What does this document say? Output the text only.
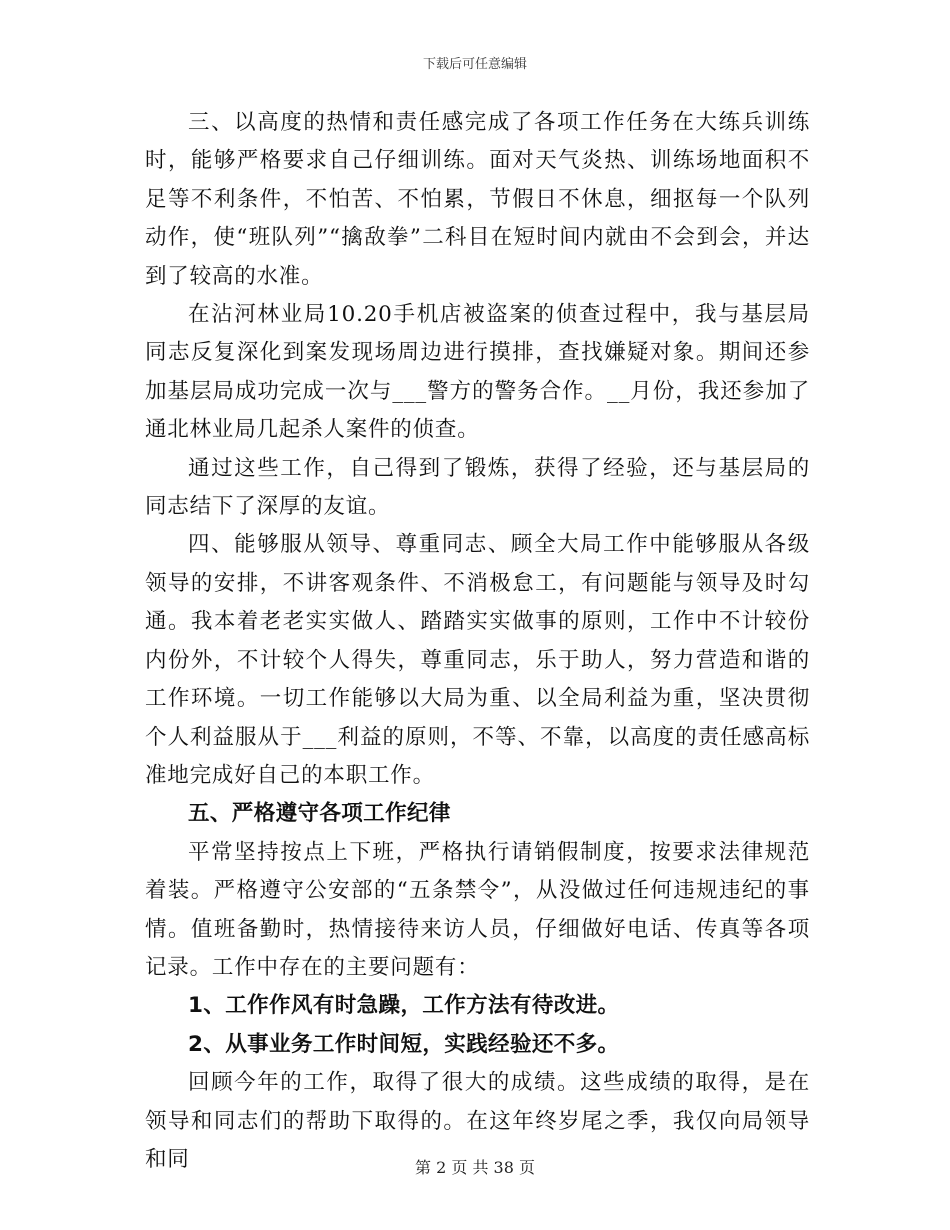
下载后可任意编辑

三、以高度的热情和责任感完成了各项工作任务在大练兵训练时，能够严格要求自己仔细训练。面对天气炎热、训练场地面积不足等不利条件，不怕苦、不怕累，节假日不休息，细抠每一个队列动作，使“班队列”“擒敌拳”二科目在短时间内就由不会到会，并达到了较高的水准。

在沾河林业局10.20手机店被盗案的侦查过程中，我与基层局同志反复深化到案发现场周边进行摸排，查找嫌疑对象。期间还参加基层局成功完成一次与___警方的警务合作。__月份，我还参加了通北林业局几起杀人案件的侦查。

通过这些工作，自己得到了锻炼，获得了经验，还与基层局的同志结下了深厚的友谊。

四、能够服从领导、尊重同志、顾全大局工作中能够服从各级领导的安排，不讲客观条件、不消极怠工，有问题能与领导及时勾通。我本着老老实实做人、踏踏实实做事的原则，工作中不计较份内份外，不计较个人得失，尊重同志，乐于助人，努力营造和谐的工作环境。一切工作能够以大局为重、以全局利益为重，坚决贯彻个人利益服从于___利益的原则，不等、不靠，以高度的责任感高标准地完成好自己的本职工作。

五、严格遵守各项工作纪律

平常坚持按点上下班，严格执行请销假制度，按要求法律规范着装。严格遵守公安部的“五条禁令”，从没做过任何违规违纪的事情。值班备勤时，热情接待来访人员，仔细做好电话、传真等各项记录。工作中存在的主要问题有：

1、工作作风有时急躁，工作方法有待改进。

2、从事业务工作时间短，实践经验还不多。

回顾今年的工作，取得了很大的成绩。这些成绩的取得，是在领导和同志们的帮助下取得的。在这年终岁尾之季，我仅向局领导和同	第 2 页 共 38 页
